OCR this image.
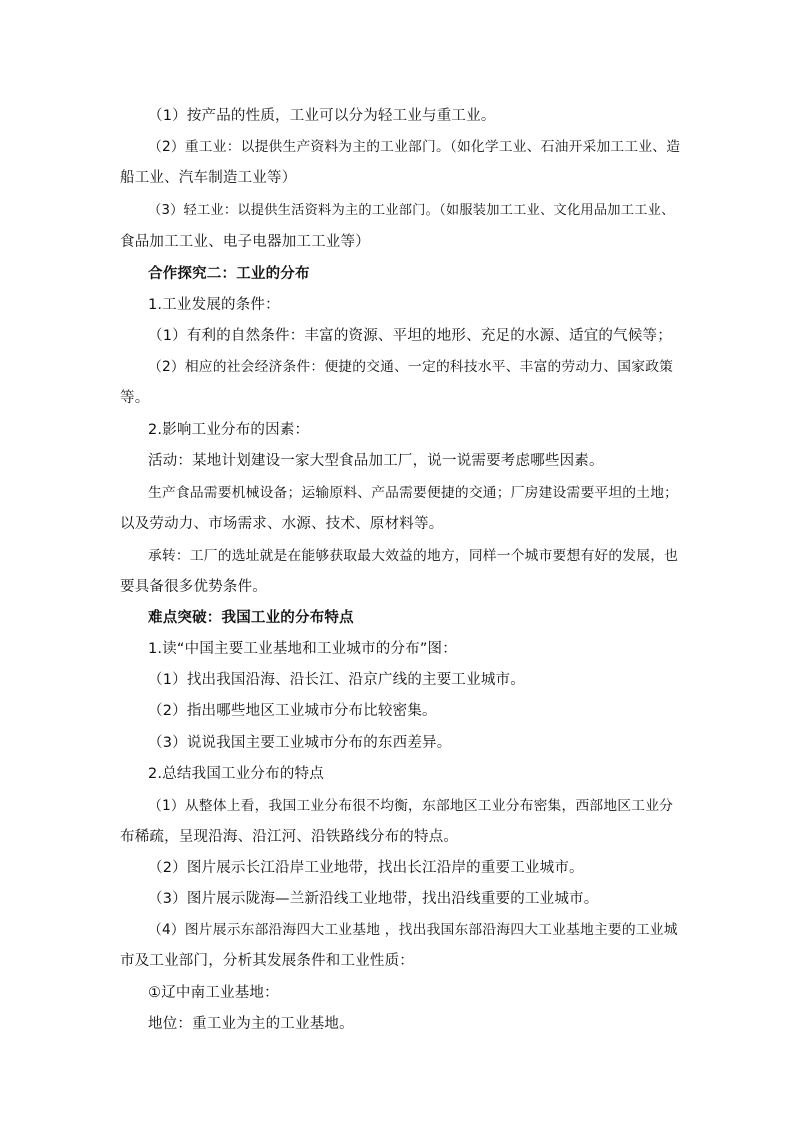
（1）按产品的性质，工业可以分为轻工业与重工业。
（2）重工业：以提供生产资料为主的工业部门。（如化学工业、石油开采加工工业、造
船工业、汽车制造工业等）
（3）轻工业：以提供生活资料为主的工业部门。（如服装加工工业、文化用品加工工业、
食品加工工业、电子电器加工工业等）
合作探究二：工业的分布
1.工业发展的条件：
（1）有利的自然条件：丰富的资源、平坦的地形、充足的水源、适宜的气候等；
（2）相应的社会经济条件：便捷的交通、一定的科技水平、丰富的劳动力、国家政策
等。
2.影响工业分布的因素：
活动：某地计划建设一家大型食品加工厂，说一说需要考虑哪些因素。
生产食品需要机械设备；运输原料、产品需要便捷的交通；厂房建设需要平坦的土地；
以及劳动力、市场需求、水源、技术、原材料等。
承转：工厂的选址就是在能够获取最大效益的地方，同样一个城市要想有好的发展，也
要具备很多优势条件。
难点突破：我国工业的分布特点
1.读“中国主要工业基地和工业城市的分布”图：
（1）找出我国沿海、沿长江、沿京广线的主要工业城市。
（2）指出哪些地区工业城市分布比较密集。
（3）说说我国主要工业城市分布的东西差异。
2.总结我国工业分布的特点
（1）从整体上看，我国工业分布很不均衡，东部地区工业分布密集，西部地区工业分
布稀疏，呈现沿海、沿江河、沿铁路线分布的特点。
（2）图片展示长江沿岸工业地带，找出长江沿岸的重要工业城市。
（3）图片展示陇海—兰新沿线工业地带，找出沿线重要的工业城市。
（4）图片展示东部沿海四大工业基地 ，找出我国东部沿海四大工业基地主要的工业城
市及工业部门，分析其发展条件和工业性质：
①辽中南工业基地：
地位：重工业为主的工业基地。
